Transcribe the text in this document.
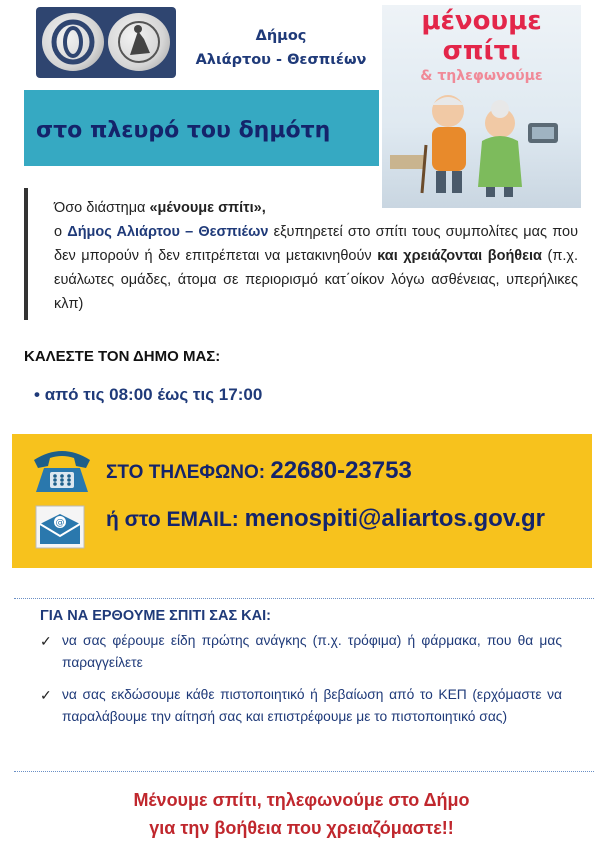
Δήμος
Αλιάρτου - Θεσπιέων
μένουμε
σπίτι
& τηλεφωνούμε
στο πλευρό του δημότη
Όσο διάστημα «μένουμε σπίτι»,
ο Δήμος Αλιάρτου – Θεσπιέων εξυπηρετεί στο σπίτι τους συμπολίτες μας που δεν μπορούν ή δεν επιτρέπεται να μετακινηθούν και χρειάζονται βοήθεια (π.χ. ευάλωτες ομάδες, άτομα σε περιορισμό κατ΄οίκον λόγω ασθένειας, υπερήλικες κλπ)
ΚΑΛΕΣΤΕ ΤΟΝ ΔΗΜΟ ΜΑΣ:
• από τις 08:00 έως τις 17:00
ΣΤΟ ΤΗΛΕΦΩΝΟ: 22680-23753
@ ή στο EMAIL: menospiti@aliartos.gov.gr
ΓΙΑ ΝΑ ΕΡΘΟΥΜΕ ΣΠΙΤΙ ΣΑΣ ΚΑΙ:
✓ να σας φέρουμε είδη πρώτης ανάγκης (π.χ. τρόφιμα) ή φάρμακα, που θα μας παραγγείλετε
✓ να σας εκδώσουμε κάθε πιστοποιητικό ή βεβαίωση από το ΚΕΠ (ερχόμαστε να παραλάβουμε την αίτησή σας και επιστρέφουμε με το πιστοποιητικό σας)
Μένουμε σπίτι, τηλεφωνούμε στο Δήμο
για την βοήθεια που χρειαζόμαστε!!
